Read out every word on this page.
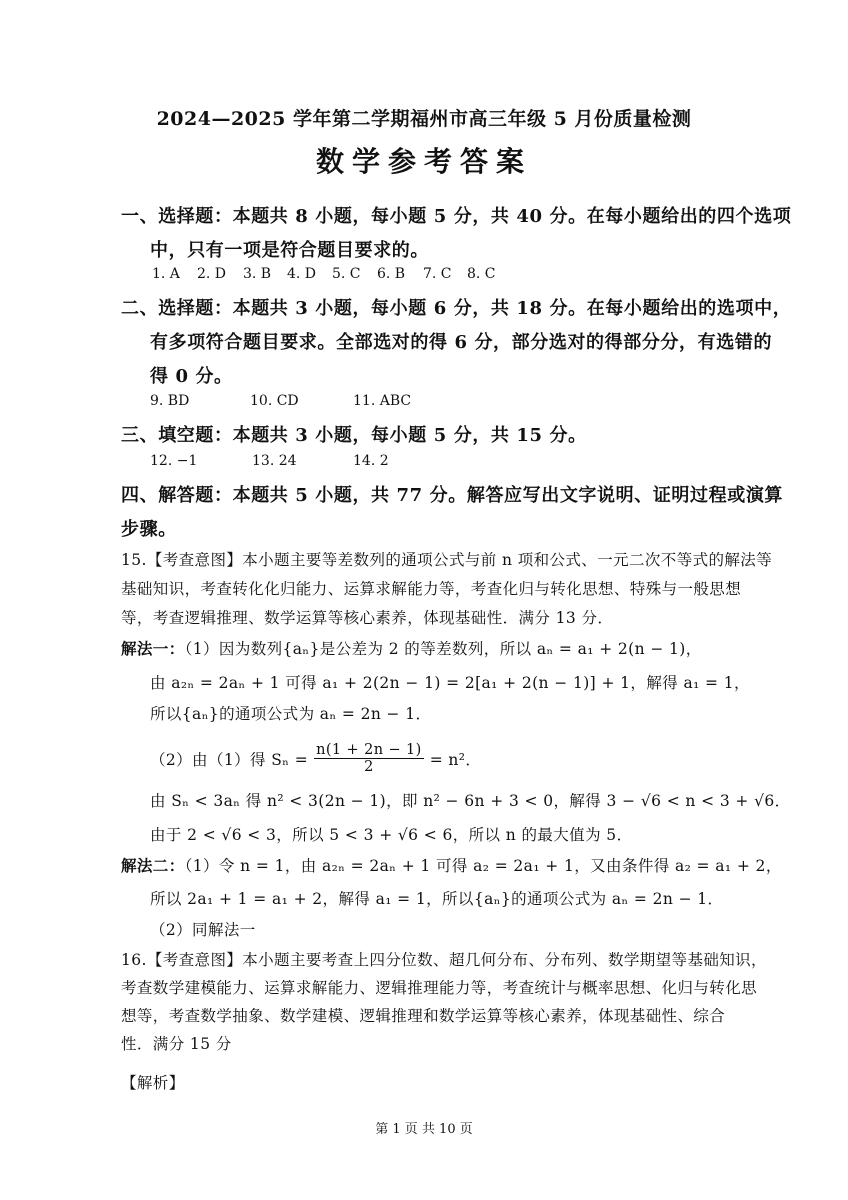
2024—2025 学年第二学期福州市高三年级 5 月份质量检测
数学参考答案
一、选择题：本题共 8 小题，每小题 5 分，共 40 分。在每小题给出的四个选项
中，只有一项是符合题目要求的。
1. A 2. D 3. B 4. D 5. C 6. B 7. C 8. C
二、选择题：本题共 3 小题，每小题 6 分，共 18 分。在每小题给出的选项中，
有多项符合题目要求。全部选对的得 6 分，部分选对的得部分分，有选错的
得 0 分。
9. BD	10. CD	11. ABC
三、填空题：本题共 3 小题，每小题 5 分，共 15 分。
12. −1	13. 24	14. 2
四、解答题：本题共 5 小题，共 77 分。解答应写出文字说明、证明过程或演算
步骤。
15.【考查意图】本小题主要等差数列的通项公式与前 n 项和公式、一元二次不等式的解法等
基础知识，考查转化化归能力、运算求解能力等，考查化归与转化思想、特殊与一般思想
等，考查逻辑推理、数学运算等核心素养，体现基础性．满分 13 分．
解法一：（1）因为数列{aₙ}是公差为 2 的等差数列，所以 aₙ = a₁ + 2(n − 1)，
由 a₂ₙ = 2aₙ + 1 可得 a₁ + 2(2n − 1) = 2[a₁ + 2(n − 1)] + 1，解得 a₁ = 1，
所以{aₙ}的通项公式为 aₙ = 2n − 1．
（2）由（1）得 $S_n = \frac{n(1 + 2n - 1)}{2} = n^2$．
由 Sₙ < 3aₙ 得 n² < 3(2n − 1)，即 n² − 6n + 3 < 0，解得 3 − √6 < n < 3 + √6．
由于 2 < √6 < 3，所以 5 < 3 + √6 < 6，所以 n 的最大值为 5．
解法二：（1）令 n = 1，由 a₂ₙ = 2aₙ + 1 可得 a₂ = 2a₁ + 1，又由条件得 a₂ = a₁ + 2，
所以 2a₁ + 1 = a₁ + 2，解得 a₁ = 1，所以{aₙ}的通项公式为 aₙ = 2n − 1．
（2）同解法一
16.【考查意图】本小题主要考查上四分位数、超几何分布、分布列、数学期望等基础知识，
考查数学建模能力、运算求解能力、逻辑推理能力等，考查统计与概率思想、化归与转化思
想等，考查数学抽象、数学建模、逻辑推理和数学运算等核心素养，体现基础性、综合
性．满分 15 分
【解析】
第 1 页 共 10 页
